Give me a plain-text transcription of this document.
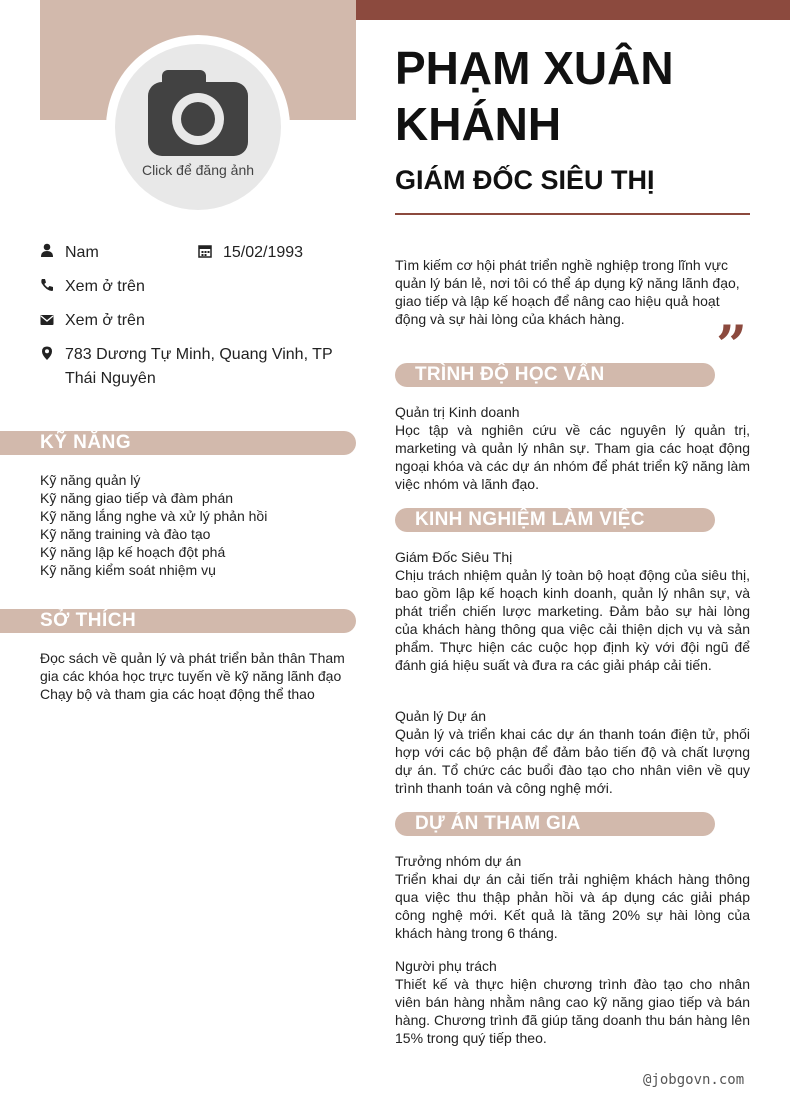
Click để đăng ảnh
Nam	15/02/1993
Xem ở trên
Xem ở trên
783 Dương Tự Minh, Quang Vinh, TP Thái Nguyên
KỸ NĂNG
Kỹ năng quản lý
Kỹ năng giao tiếp và đàm phán
Kỹ năng lắng nghe và xử lý phản hồi
Kỹ năng training và đào tạo
Kỹ năng lập kế hoạch đột phá
Kỹ năng kiểm soát nhiệm vụ
SỞ THÍCH
Đọc sách về quản lý và phát triển bản thân Tham gia các khóa học trực tuyến về kỹ năng lãnh đạo Chạy bộ và tham gia các hoạt động thể thao
PHẠM XUÂN KHÁNH
GIÁM ĐỐC SIÊU THỊ
Tìm kiếm cơ hội phát triển nghề nghiệp trong lĩnh vực quản lý bán lẻ, nơi tôi có thể áp dụng kỹ năng lãnh đạo, giao tiếp và lập kế hoạch để nâng cao hiệu quả hoạt động và sự hài lòng của khách hàng.	”
TRÌNH ĐỘ HỌC VẤN
Quản trị Kinh doanh
Học tập và nghiên cứu về các nguyên lý quản trị, marketing và quản lý nhân sự. Tham gia các hoạt động ngoại khóa và các dự án nhóm để phát triển kỹ năng làm việc nhóm và lãnh đạo.
KINH NGHIỆM LÀM VIỆC
Giám Đốc Siêu Thị
Chịu trách nhiệm quản lý toàn bộ hoạt động của siêu thị, bao gồm lập kế hoạch kinh doanh, quản lý nhân sự, và phát triển chiến lược marketing. Đảm bảo sự hài lòng của khách hàng thông qua việc cải thiện dịch vụ và sản phẩm. Thực hiện các cuộc họp định kỳ với đội ngũ để đánh giá hiệu suất và đưa ra các giải pháp cải tiến.
Quản lý Dự án
Quản lý và triển khai các dự án thanh toán điện tử, phối hợp với các bộ phận để đảm bảo tiến độ và chất lượng dự án. Tổ chức các buổi đào tạo cho nhân viên về quy trình thanh toán và công nghệ mới.
DỰ ÁN THAM GIA
Trưởng nhóm dự án
Triển khai dự án cải tiến trải nghiệm khách hàng thông qua việc thu thập phản hồi và áp dụng các giải pháp công nghệ mới. Kết quả là tăng 20% sự hài lòng của khách hàng trong 6 tháng.
Người phụ trách
Thiết kế và thực hiện chương trình đào tạo cho nhân viên bán hàng nhằm nâng cao kỹ năng giao tiếp và bán hàng. Chương trình đã giúp tăng doanh thu bán hàng lên 15% trong quý tiếp theo.
@jobgovn.com
